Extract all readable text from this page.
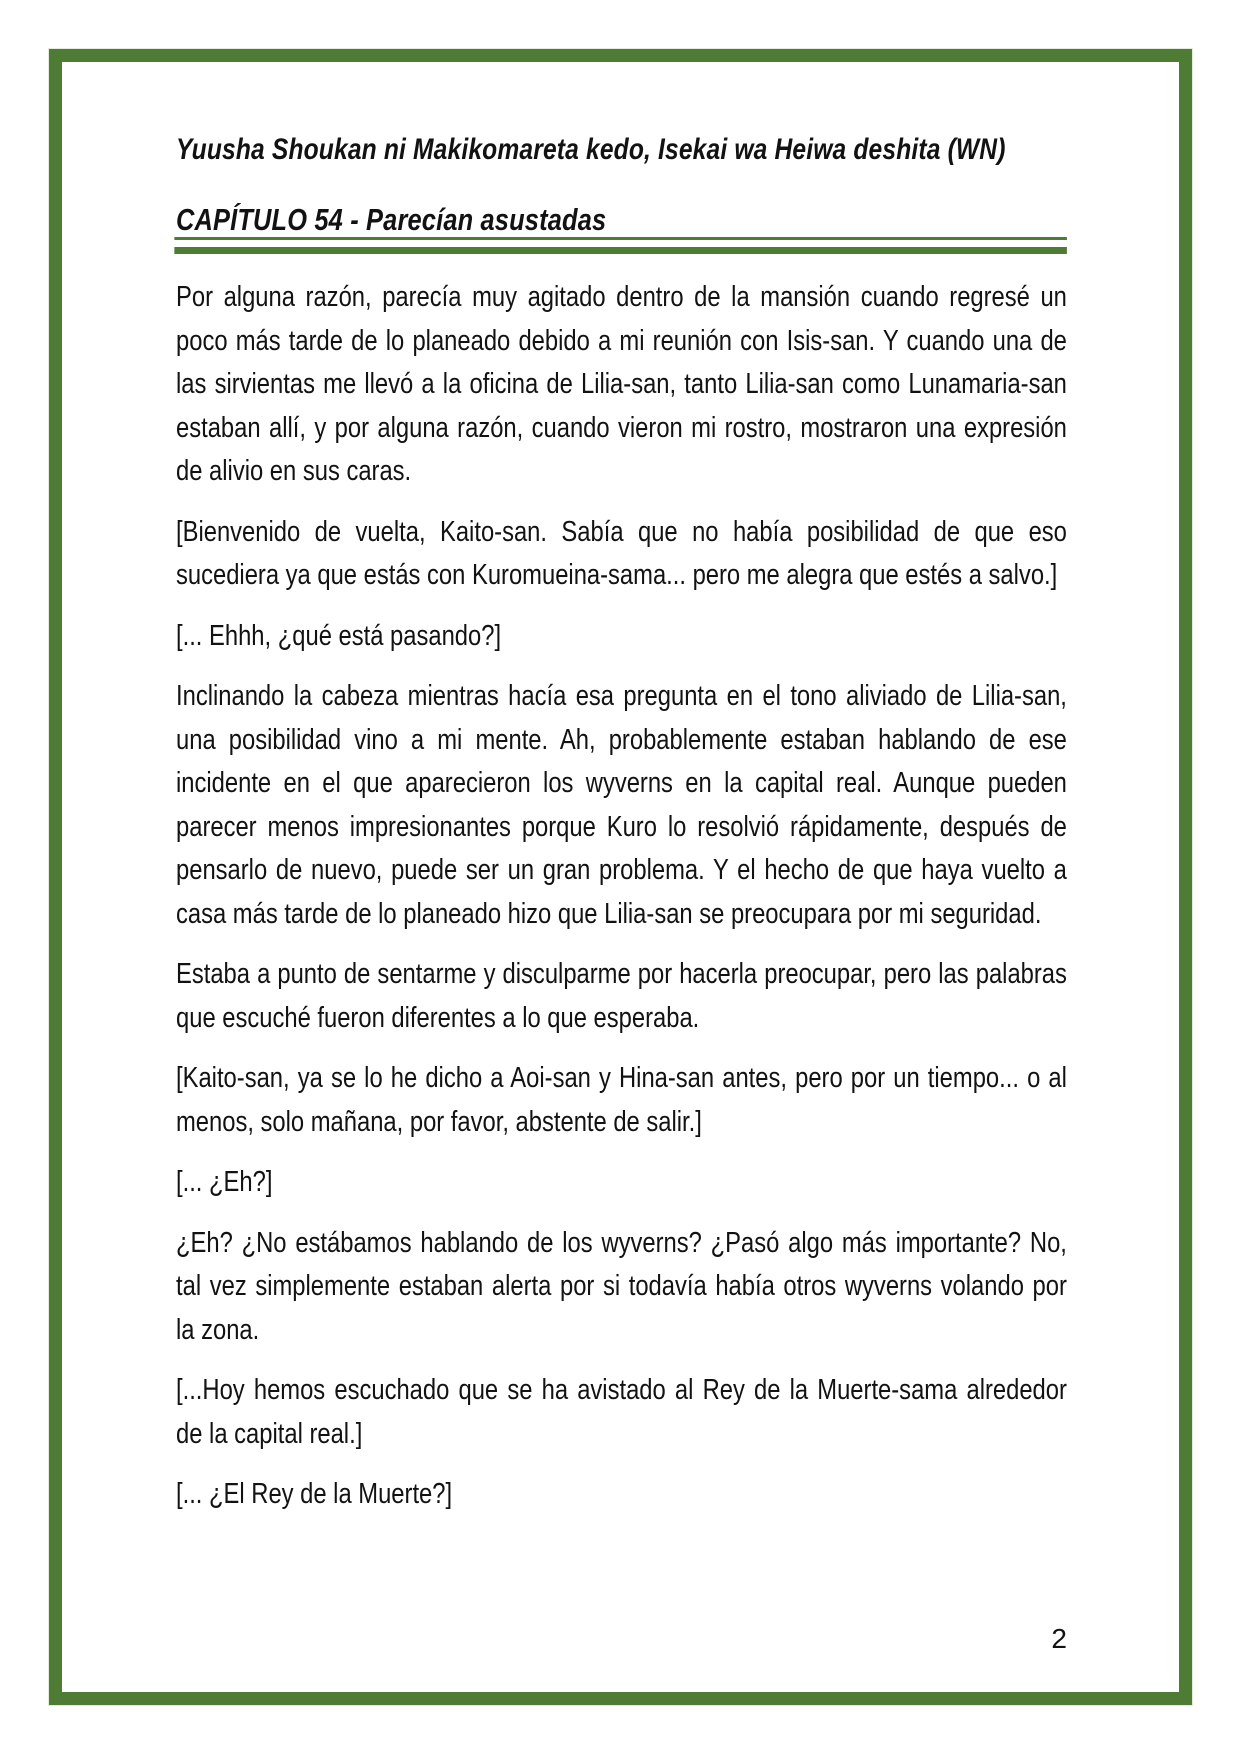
Yuusha Shoukan ni Makikomareta kedo, Isekai wa Heiwa deshita (WN)
CAPÍTULO 54 - Parecían asustadas

Por alguna razón, parecía muy agitado dentro de la mansión cuando regresé un poco más tarde de lo planeado debido a mi reunión con Isis-san. Y cuando una de las sirvientas me llevó a la oficina de Lilia-san, tanto Lilia-san como Lunamaria-san estaban allí, y por alguna razón, cuando vieron mi rostro, mostraron una expresión de alivio en sus caras.

[Bienvenido de vuelta, Kaito-san. Sabía que no había posibilidad de que eso sucediera ya que estás con Kuromueina-sama... pero me alegra que estés a salvo.]

[... Ehhh, ¿qué está pasando?]

Inclinando la cabeza mientras hacía esa pregunta en el tono aliviado de Lilia-san, una posibilidad vino a mi mente. Ah, probablemente estaban hablando de ese incidente en el que aparecieron los wyverns en la capital real. Aunque pueden parecer menos impresionantes porque Kuro lo resolvió rápidamente, después de pensarlo de nuevo, puede ser un gran problema. Y el hecho de que haya vuelto a casa más tarde de lo planeado hizo que Lilia-san se preocupara por mi seguridad.

Estaba a punto de sentarme y disculparme por hacerla preocupar, pero las palabras que escuché fueron diferentes a lo que esperaba.

[Kaito-san, ya se lo he dicho a Aoi-san y Hina-san antes, pero por un tiempo... o al menos, solo mañana, por favor, abstente de salir.]

[... ¿Eh?]

¿Eh? ¿No estábamos hablando de los wyverns? ¿Pasó algo más importante? No, tal vez simplemente estaban alerta por si todavía había otros wyverns volando por la zona.

[...Hoy hemos escuchado que se ha avistado al Rey de la Muerte-sama alrededor de la capital real.]

[... ¿El Rey de la Muerte?]

2
